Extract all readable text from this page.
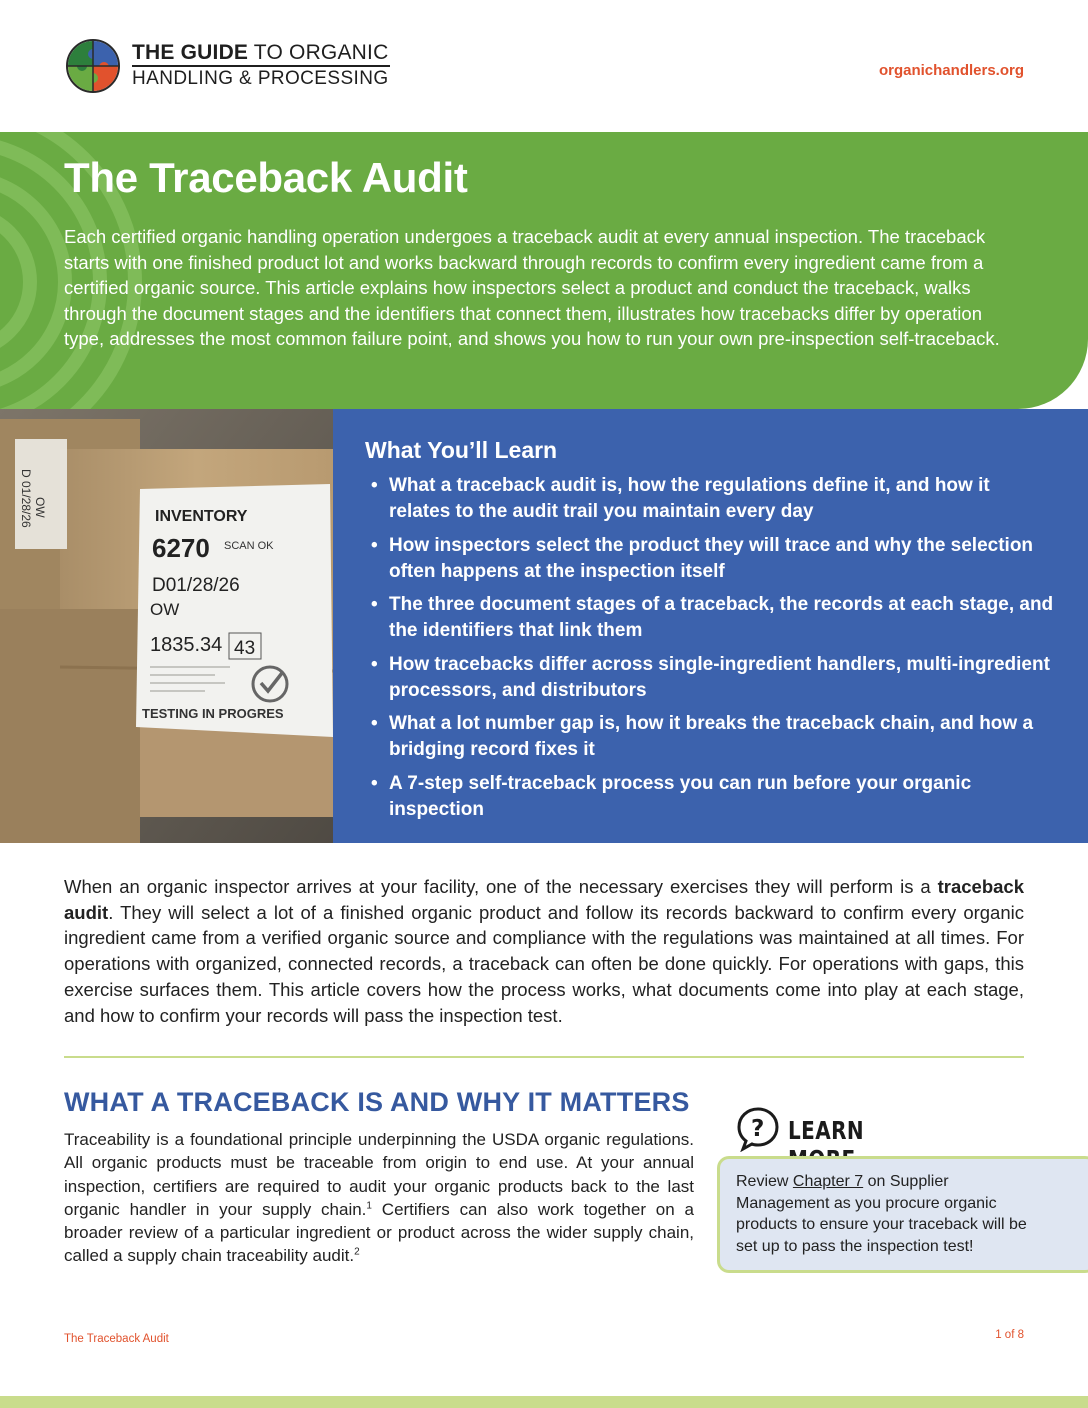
THE GUIDE TO ORGANIC
HANDLING & PROCESSING	organichandlers.org
The Traceback Audit

Each certified organic handling operation undergoes a traceback audit at every annual inspection. The traceback starts with one finished product lot and works backward through records to confirm every ingredient came from a certified organic source. This article explains how inspectors select a product and conduct the traceback, walks through the document stages and the identifiers that connect them, illustrates how tracebacks differ by operation type, addresses the most common failure point, and shows you how to run your own pre-inspection self-traceback.

D 01/28/26 OW	INVENTORY
6270 SCAN OK
D01/28/26
OW
1835.34 43
TESTING IN PROGRES
What You’ll Learn
• What a traceback audit is, how the regulations define it, and how it relates to the audit trail you maintain every day
• How inspectors select the product they will trace and why the selection often happens at the inspection itself
• The three document stages of a traceback, the records at each stage, and the identifiers that link them
• How tracebacks differ across single-ingredient handlers, multi-ingredient processors, and distributors
• What a lot number gap is, how it breaks the traceback chain, and how a bridging record fixes it
• A 7-step self-traceback process you can run before your organic inspection

When an organic inspector arrives at your facility, one of the necessary exercises they will perform is a traceback audit. They will select a lot of a finished organic product and follow its records backward to confirm every organic ingredient came from a verified organic source and compliance with the regulations was maintained at all times. For operations with organized, connected records, a traceback can often be done quickly. For operations with gaps, this exercise surfaces them. This article covers how the process works, what documents come into play at each stage, and how to confirm your records will pass the inspection test.

WHAT A TRACEBACK IS AND WHY IT MATTERS

Traceability is a foundational principle underpinning the USDA organic regulations. All organic products must be traceable from origin to end use. At your annual inspection, certifiers are required to audit your organic products back to the last organic handler in your supply chain.$^1$ Certifiers can also work together on a broader review of a particular ingredient or product across the wider supply chain, called a supply chain traceability audit.$^2$

? LEARN

Review Chapter 7 on Supplier Management as you procure organic products to ensure your traceback will be set up to pass the inspection test!

The Traceback Audit	1 of 8
